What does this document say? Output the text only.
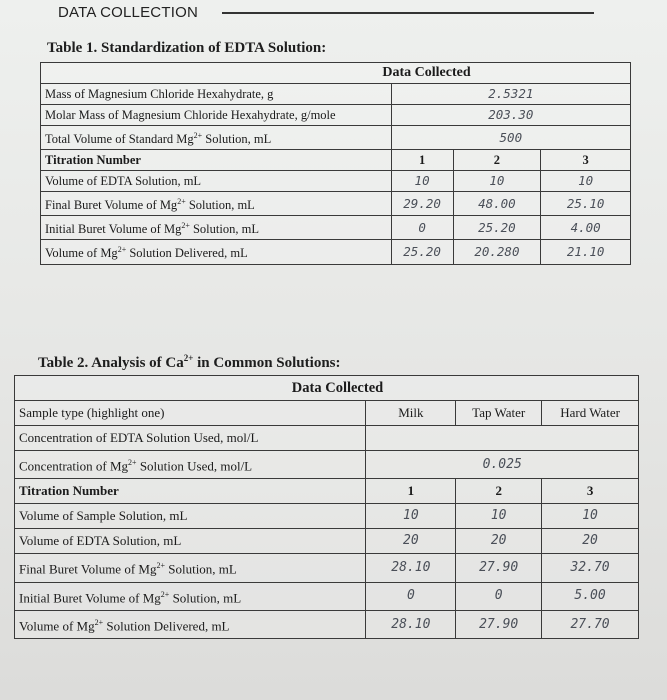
DATA COLLECTION
Table 1. Standardization of EDTA Solution:
Data Collected			
Mass of Magnesium Chloride Hexahydrate, g	2.5321		
Molar Mass of Magnesium Chloride Hexahydrate, g/mole	203.30		
Total Volume of Standard $Mg^{2+}$ Solution, mL	500		
Titration Number	1	2	3
Volume of EDTA Solution, mL	10	10	10
Final Buret Volume of $Mg^{2+}$ Solution, mL	29.20	48.00	25.10
Initial Buret Volume of $Mg^{2+}$ Solution, mL	0	25.20	4.00
Volume of $Mg^{2+}$ Solution Delivered, mL	25.20	20.280	21.10
Table 2. Analysis of $Ca^{2+}$ in Common Solutions:
Data Collected			
Sample type (highlight one)	Milk	Tap Water	Hard Water
Concentration of EDTA Solution Used, mol/L			
Concentration of $Mg^{2+}$ Solution Used, mol/L	0.025		
Titration Number	1	2	3
Volume of Sample Solution, mL	10	10	10
Volume of EDTA Solution, mL	20	20	20
Final Buret Volume of $Mg^{2+}$ Solution, mL	28.10	27.90	32.70
Initial Buret Volume of $Mg^{2+}$ Solution, mL	0	0	5.00
Volume of $Mg^{2+}$ Solution Delivered, mL	28.10	27.90	27.70
